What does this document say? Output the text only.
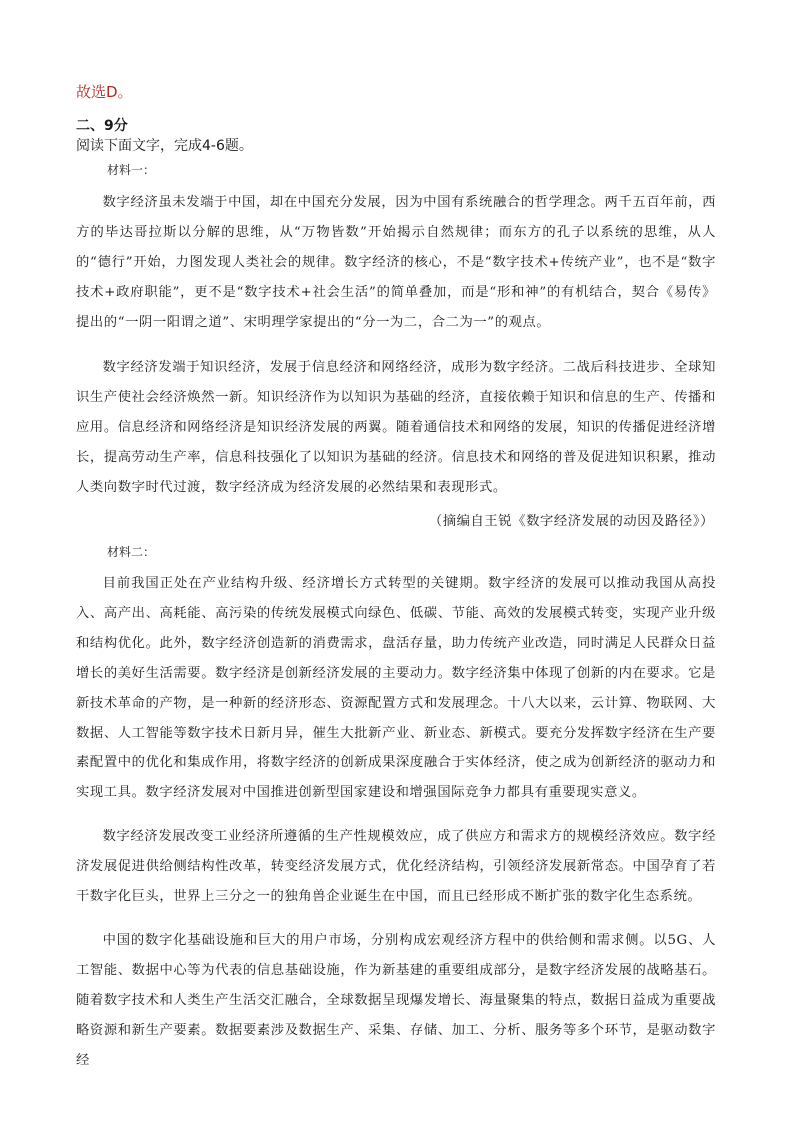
故选D。
二、9分
阅读下面文字，完成4-6题。
材料一：

数字经济虽未发端于中国，却在中国充分发展，因为中国有系统融合的哲学理念。两千五百年前，西方的毕达哥拉斯以分解的思维，从“万物皆数”开始揭示自然规律；而东方的孔子以系统的思维，从人的“德行”开始，力图发现人类社会的规律。数字经济的核心，不是“数字技术+传统产业”，也不是“数字技术+政府职能”，更不是“数字技术+社会生活”的简单叠加，而是“形和神”的有机结合，契合《易传》提出的“一阴一阳谓之道”、宋明理学家提出的“分一为二，合二为一”的观点。

数字经济发端于知识经济，发展于信息经济和网络经济，成形为数字经济。二战后科技进步、全球知识生产使社会经济焕然一新。知识经济作为以知识为基础的经济，直接依赖于知识和信息的生产、传播和应用。信息经济和网络经济是知识经济发展的两翼。随着通信技术和网络的发展，知识的传播促进经济增长，提高劳动生产率，信息科技强化了以知识为基础的经济。信息技术和网络的普及促进知识积累，推动人类向数字时代过渡，数字经济成为经济发展的必然结果和表现形式。

（摘编自王锐《数字经济发展的动因及路径》）
材料二：

目前我国正处在产业结构升级、经济增长方式转型的关键期。数字经济的发展可以推动我国从高投入、高产出、高耗能、高污染的传统发展模式向绿色、低碳、节能、高效的发展模式转变，实现产业升级和结构优化。此外，数字经济创造新的消费需求，盘活存量，助力传统产业改造，同时满足人民群众日益增长的美好生活需要。数字经济是创新经济发展的主要动力。数字经济集中体现了创新的内在要求。它是新技术革命的产物，是一种新的经济形态、资源配置方式和发展理念。十八大以来，云计算、物联网、大数据、人工智能等数字技术日新月异，催生大批新产业、新业态、新模式。要充分发挥数字经济在生产要素配置中的优化和集成作用，将数字经济的创新成果深度融合于实体经济，使之成为创新经济的驱动力和实现工具。数字经济发展对中国推进创新型国家建设和增强国际竞争力都具有重要现实意义。

数字经济发展改变工业经济所遵循的生产性规模效应，成了供应方和需求方的规模经济效应。数字经济发展促进供给侧结构性改革，转变经济发展方式，优化经济结构，引领经济发展新常态。中国孕育了若干数字化巨头，世界上三分之一的独角兽企业诞生在中国，而且已经形成不断扩张的数字化生态系统。

中国的数字化基础设施和巨大的用户市场，分别构成宏观经济方程中的供给侧和需求侧。以5G、人工智能、数据中心等为代表的信息基础设施，作为新基建的重要组成部分，是数字经济发展的战略基石。随着数字技术和人类生产生活交汇融合，全球数据呈现爆发增长、海量聚集的特点，数据日益成为重要战略资源和新生产要素。数据要素涉及数据生产、采集、存储、加工、分析、服务等多个环节，是驱动数字经
